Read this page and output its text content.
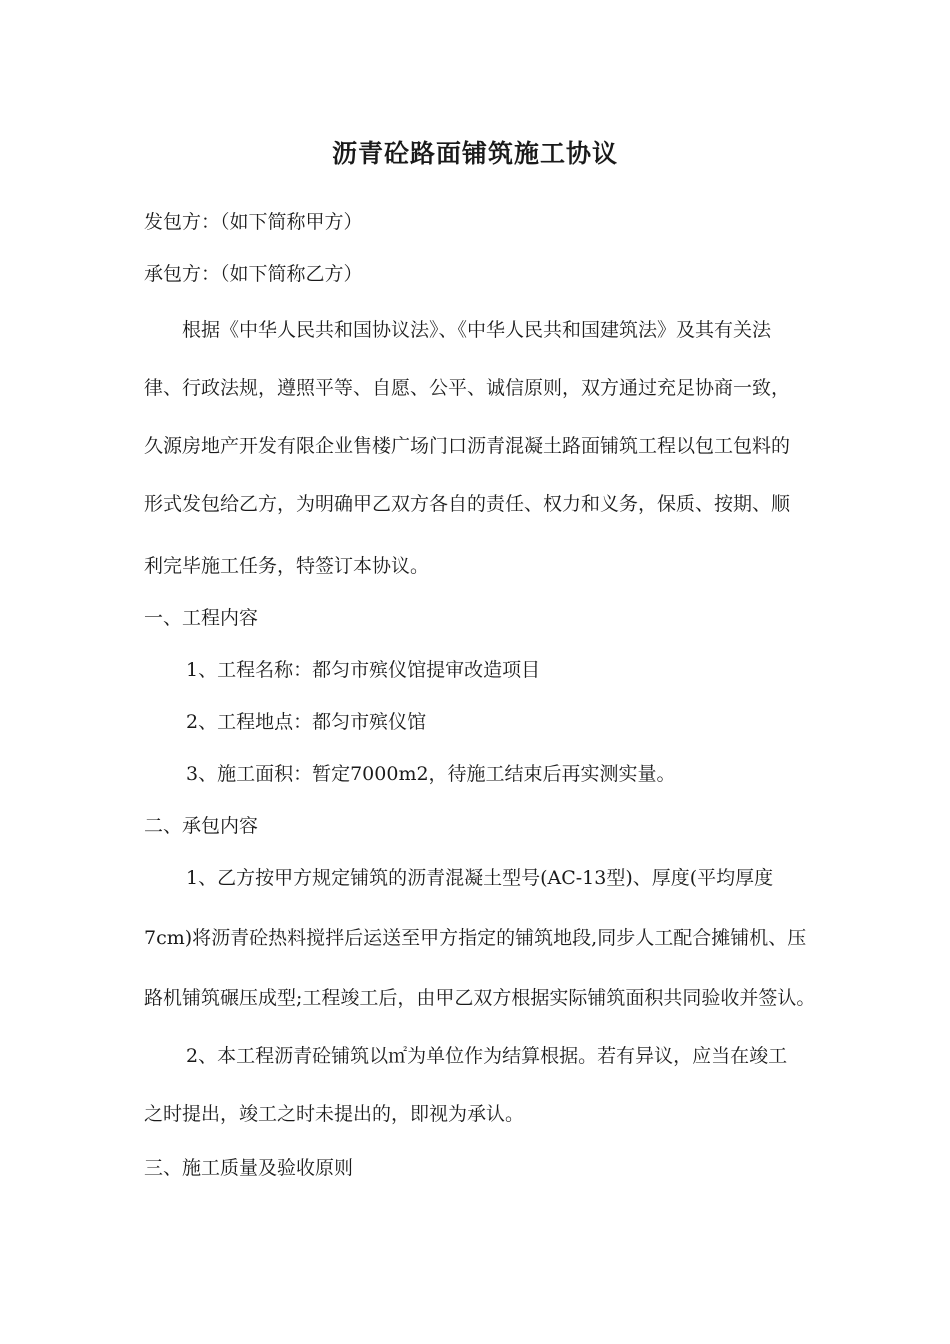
沥青砼路面铺筑施工协议
发包方：（如下简称甲方）
承包方：（如下简称乙方）
根据《中华人民共和国协议法》、《中华人民共和国建筑法》及其有关法
律、行政法规，遵照平等、自愿、公平、诚信原则，双方通过充足协商一致，
久源房地产开发有限企业售楼广场门口沥青混凝土路面铺筑工程以包工包料的
形式发包给乙方，为明确甲乙双方各自的责任、权力和义务，保质、按期、顺
利完毕施工任务，特签订本协议。
一、工程内容
1、工程名称：都匀市殡仪馆提审改造项目
2、工程地点：都匀市殡仪馆
3、施工面积：暂定7000m2，待施工结束后再实测实量。
二、承包内容
1、乙方按甲方规定铺筑的沥青混凝土型号(AC-13型)、厚度(平均厚度
7cm)将沥青砼热料搅拌后运送至甲方指定的铺筑地段,同步人工配合摊铺机、压
路机铺筑碾压成型;工程竣工后，由甲乙双方根据实际铺筑面积共同验收并签认。
2、本工程沥青砼铺筑以㎡为单位作为结算根据。若有异议，应当在竣工
之时提出，竣工之时未提出的，即视为承认。
三、施工质量及验收原则
